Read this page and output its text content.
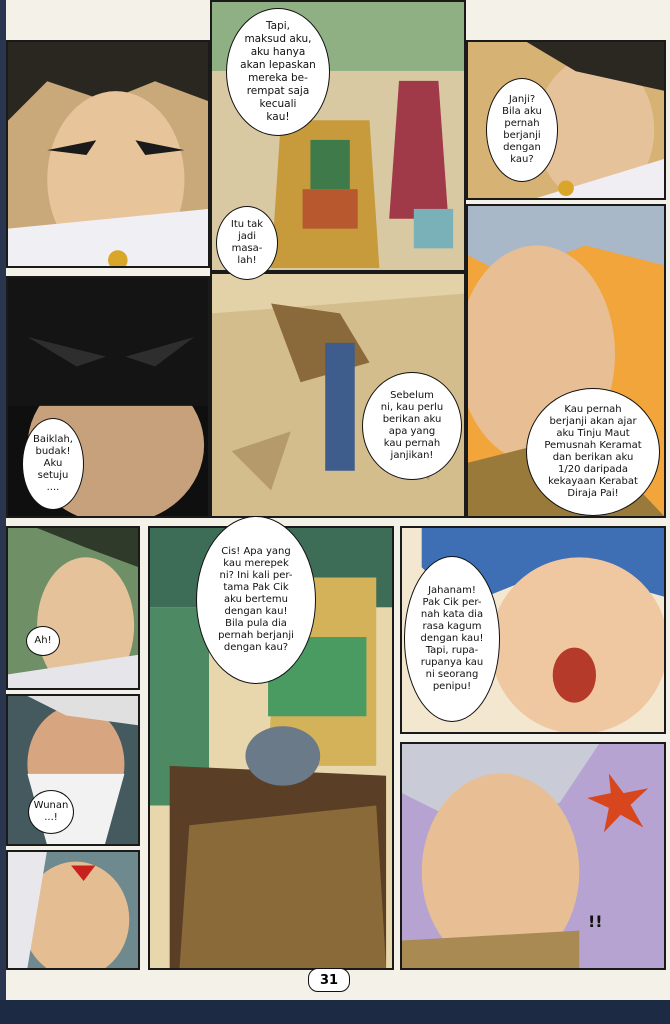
Tapi,
maksud aku,
aku hanya
akan lepaskan
mereka be-
rempat saja
kecuali
kau!
Janji?
Bila aku
pernah
berjanji
dengan
kau?
Itu tak
jadi
masa-
lah!
Baiklah,
budak!
Aku
setuju
....
Sebelum
ni, kau perlu
berikan aku
apa yang
kau pernah
janjikan!
Kau pernah
berjanji akan ajar
aku Tinju Maut
Pemusnah Keramat
dan berikan aku
1/20 daripada
kekayaan Kerabat
Diraja Pai!
Cis! Apa yang
kau merepek
ni? Ini kali per-
tama Pak Cik
aku bertemu
dengan kau!
Bila pula dia
pernah berjanji
dengan kau?
Ah!
Jahanam!
Pak Cik per-
nah kata dia
rasa kagum
dengan kau!
Tapi, rupa-
rupanya kau
ni seorang
penipu!
Wunan
...!
!!
31
